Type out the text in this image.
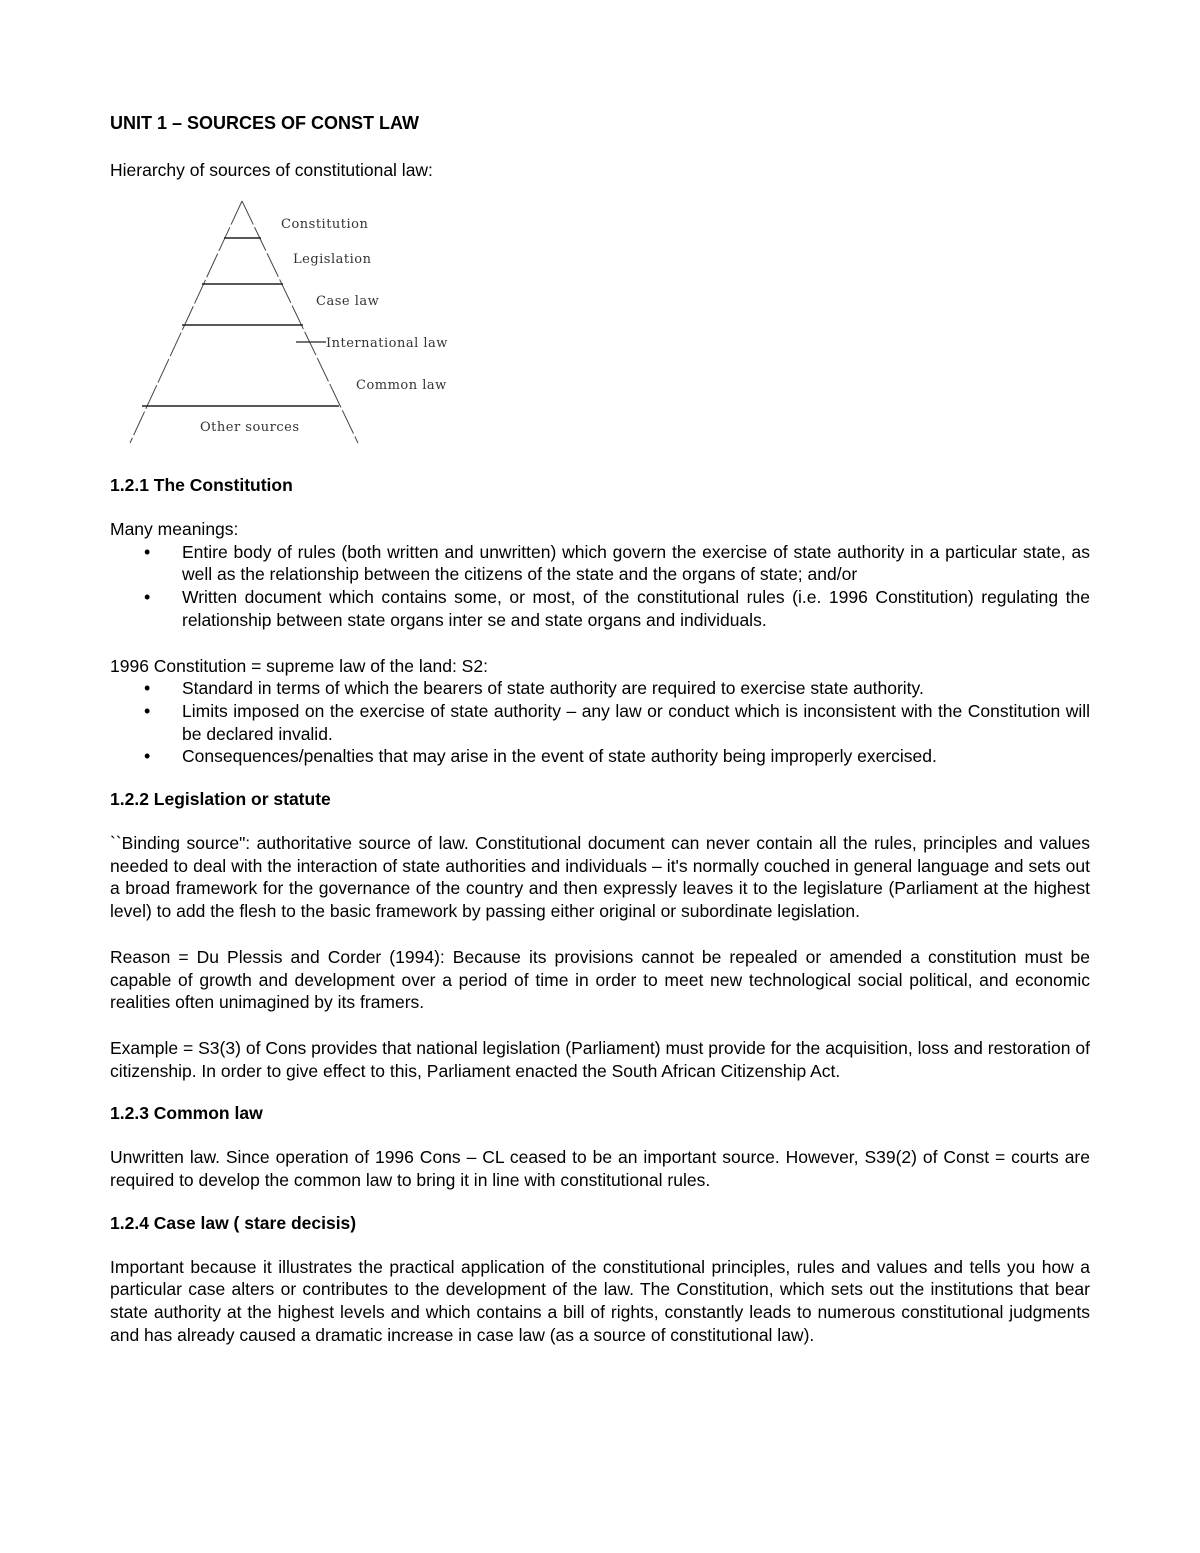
UNIT 1 – SOURCES OF CONST LAW

Hierarchy of sources of constitutional law:

Constitution
Legislation
Case law
International law
Common law
Other sources
1.2.1 The Constitution

Many meanings:

• Entire body of rules (both written and unwritten) which govern the exercise of state authority in a particular state, as well as the relationship between the citizens of the state and the organs of state; and/or
• Written document which contains some, or most, of the constitutional rules (i.e. 1996 Constitution) regulating the relationship between state organs inter se and state organs and individuals.

1996 Constitution = supreme law of the land: S2:

• Standard in terms of which the bearers of state authority are required to exercise state authority.
• Limits imposed on the exercise of state authority – any law or conduct which is inconsistent with the Constitution will be declared invalid.
• Consequences/penalties that may arise in the event of state authority being improperly exercised.
1.2.2 Legislation or statute

``Binding source": authoritative source of law. Constitutional document can never contain all the rules, principles and values needed to deal with the interaction of state authorities and individuals – it's normally couched in general language and sets out a broad framework for the governance of the country and then expressly leaves it to the legislature (Parliament at the highest level) to add the flesh to the basic framework by passing either original or subordinate legislation.

Reason = Du Plessis and Corder (1994): Because its provisions cannot be repealed or amended a constitution must be capable of growth and development over a period of time in order to meet new technological social political, and economic realities often unimagined by its framers.

Example = S3(3) of Cons provides that national legislation (Parliament) must provide for the acquisition, loss and restoration of citizenship. In order to give effect to this, Parliament enacted the South African Citizenship Act.

1.2.3 Common law

Unwritten law. Since operation of 1996 Cons – CL ceased to be an important source. However, S39(2) of Const = courts are required to develop the common law to bring it in line with constitutional rules.

1.2.4 Case law ( stare decisis)

Important because it illustrates the practical application of the constitutional principles, rules and values and tells you how a particular case alters or contributes to the development of the law. The Constitution, which sets out the institutions that bear state authority at the highest levels and which contains a bill of rights, constantly leads to numerous constitutional judgments and has already caused a dramatic increase in case law (as a source of constitutional law).
